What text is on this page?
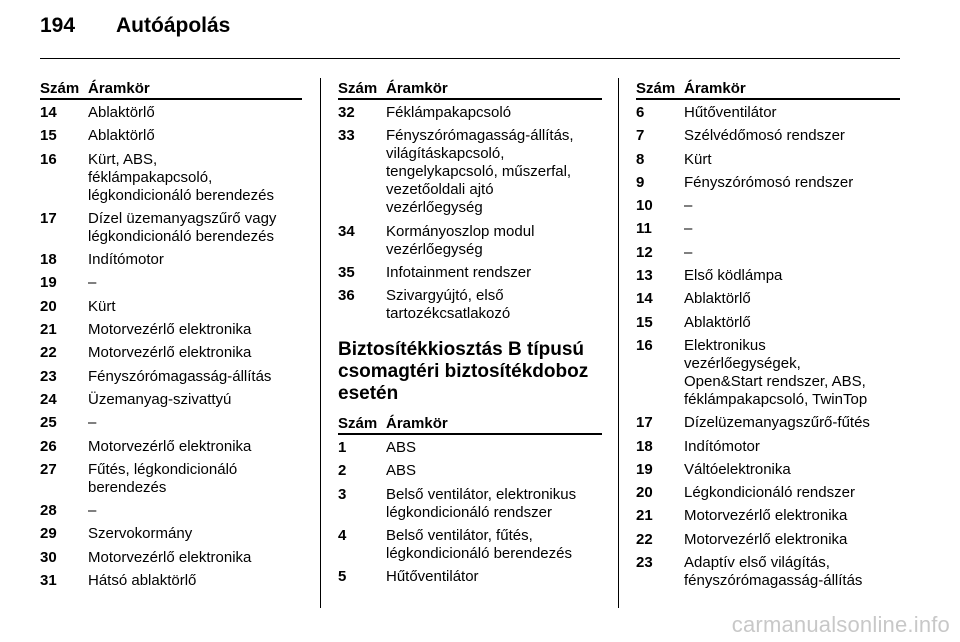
194	Autóápolás
Szám Áramkör
14	Ablaktörlő
15	Ablaktörlő
16	Kürt, ABS,
féklámpakapcsoló,
légkondicionáló berendezés
17	Dízel üzemanyagszűrő vagy
légkondicionáló berendezés
18	Indítómotor
19	–
20	Kürt
21	Motorvezérlő elektronika
22	Motorvezérlő elektronika
23	Fényszórómagasság-állítás
24	Üzemanyag-szivattyú
25	–
26	Motorvezérlő elektronika
27	Fűtés, légkondicionáló
berendezés
28	–
29	Szervokormány
30	Motorvezérlő elektronika
31	Hátsó ablaktörlő
Szám Áramkör
32	Féklámpakapcsoló
33	Fényszórómagasság-állítás,
világításkapcsoló,
tengelykapcsoló, műszerfal,
vezetőoldali ajtó
vezérlőegység
34	Kormányoszlop modul
vezérlőegység
35	Infotainment rendszer
36	Szivargyújtó, első
tartozékcsatlakozó
Biztosítékkiosztás B típusú
csomagtéri biztosítékdoboz
esetén
Szám Áramkör
1	ABS
2	ABS
3	Belső ventilátor, elektronikus
légkondicionáló rendszer
4	Belső ventilátor, fűtés,
légkondicionáló berendezés
5	Hűtőventilátor
Szám Áramkör
6	Hűtőventilátor
7	Szélvédőmosó rendszer
8	Kürt
9	Fényszórómosó rendszer
10	–
11	–
12	–
13	Első ködlámpa
14	Ablaktörlő
15	Ablaktörlő
16	Elektronikus
vezérlőegységek,
Open&Start rendszer, ABS,
féklámpakapcsoló, TwinTop
17	Dízelüzemanyagszűrő-fűtés
18	Indítómotor
19	Váltóelektronika
20	Légkondicionáló rendszer
21	Motorvezérlő elektronika
22	Motorvezérlő elektronika
23	Adaptív első világítás,
fényszórómagasság-állítás
carmanualsonline.info
